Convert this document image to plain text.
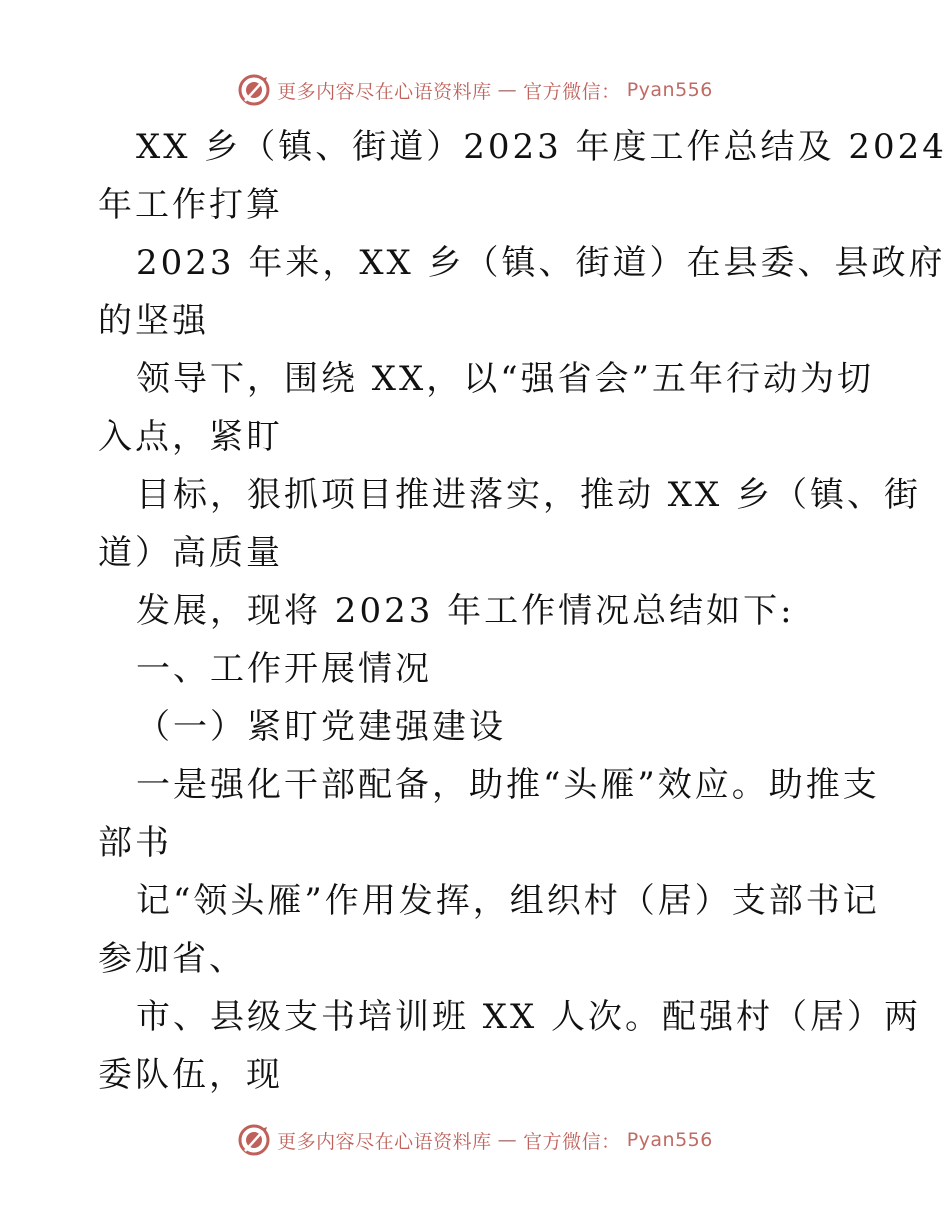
更多内容尽在心语资料库 — 官方微信： Pyan556
XX 乡（镇、街道）2023 年度工作总结及 2024
年工作打算
2023 年来，XX 乡（镇、街道）在县委、县政府
的坚强
领导下，围绕 XX，以“强省会”五年行动为切
入点，紧盯
目标，狠抓项目推进落实，推动 XX 乡（镇、街
道）高质量
发展，现将 2023 年工作情况总结如下:
一、工作开展情况
（一）紧盯党建强建设
一是强化干部配备，助推“头雁”效应。助推支
部书
记“领头雁”作用发挥，组织村（居）支部书记
参加省、
市、县级支书培训班 XX 人次。配强村（居）两
委队伍，现
更多内容尽在心语资料库 — 官方微信： Pyan556
